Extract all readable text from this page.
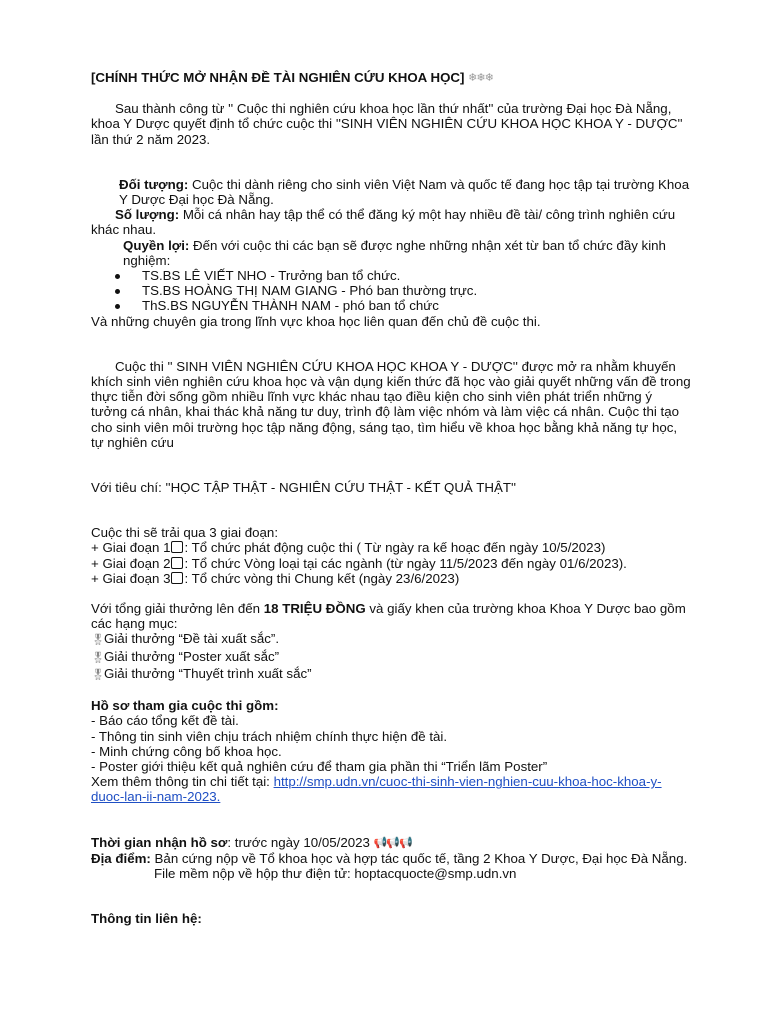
[CHÍNH THỨC MỞ NHẬN ĐỀ TÀI NGHIÊN CỨU KHOA HỌC] ❄❄❄

Sau thành công từ '' Cuộc thi nghiên cứu khoa học lần thứ nhất'' của trường Đại học Đà Nẵng, khoa Y Dược quyết định tổ chức cuộc thi ''SINH VIÊN NGHIÊN CỨU KHOA HỌC KHOA Y - DƯỢC'' lần thứ 2 năm 2023.

Đối tượng: Cuộc thi dành riêng cho sinh viên Việt Nam và quốc tế đang học tập tại trường Khoa Y Dược Đại học Đà Nẵng.

Số lượng: Mỗi cá nhân hay tập thể có thể đăng ký một hay nhiều đề tài/ công trình nghiên cứu khác nhau.

Quyền lợi: Đến với cuộc thi các bạn sẽ được nghe những nhận xét từ ban tổ chức đầy kinh nghiệm:

TS.BS LÊ VIẾT NHO - Trưởng ban tổ chức.
TS.BS HOÀNG THỊ NAM GIANG - Phó ban thường trực.
ThS.BS NGUYỄN THÀNH NAM - phó ban tổ chức

Và những chuyên gia trong lĩnh vực khoa học liên quan đến chủ đề cuộc thi.

Cuộc thi '' SINH VIÊN NGHIÊN CỨU KHOA HỌC KHOA Y - DƯỢC'' được mở ra nhằm khuyến khích sinh viên nghiên cứu khoa học và vận dụng kiến thức đã học vào giải quyết những vấn đề trong thực tiễn đời sống gồm nhiều lĩnh vực khác nhau tạo điều kiện cho sinh viên phát triển những ý tưởng cá nhân, khai thác khả năng tư duy, trình độ làm việc nhóm và làm việc cá nhân. Cuộc thi tạo cho sinh viên môi trường học tập năng động, sáng tạo, tìm hiểu về khoa học bằng khả năng tự học, tự nghiên cứu

Với tiêu chí: ''HỌC TẬP THẬT - NGHIÊN CỨU THẬT - KẾT QUẢ THẬT''

Cuộc thi sẽ trải qua 3 giai đoạn:

+ Giai đoạn 1 : Tổ chức phát động cuộc thi ( Từ ngày ra kế hoạc đến ngày 10/5/2023)

+ Giai đoạn 2 : Tổ chức Vòng loại tại các ngành (từ ngày 11/5/2023 đến ngày 01/6/2023).

+ Giai đoạn 3 : Tổ chức vòng thi Chung kết (ngày 23/6/2023)

Với tổng giải thưởng lên đến 18 TRIỆU ĐỒNG và giấy khen của trường khoa Khoa Y Dược bao gồm các hạng mục:

🎖Giải thưởng “Đề tài xuất sắc”.

🎖Giải thưởng “Poster xuất sắc”

🎖Giải thưởng “Thuyết trình xuất sắc”

Hồ sơ tham gia cuộc thi gồm:

- Báo cáo tổng kết đề tài.

- Thông tin sinh viên chịu trách nhiệm chính thực hiện đề tài.

- Minh chứng công bố khoa học.

- Poster giới thiệu kết quả nghiên cứu để tham gia phần thi “Triển lãm Poster”

Xem thêm thông tin chi tiết tại: http://smp.udn.vn/cuoc-thi-sinh-vien-nghien-cuu-khoa-hoc-khoa-y-duoc-lan-ii-nam-2023.

Thời gian nhận hồ sơ: trước ngày 10/05/2023 📢📢📢

Địa điểm: Bản cứng nộp về Tổ khoa học và hợp tác quốc tế, tầng 2 Khoa Y Dược, Đại học Đà Nẵng.

File mềm nộp về hộp thư điện tử: hoptacquocte@smp.udn.vn

Thông tin liên hệ:
